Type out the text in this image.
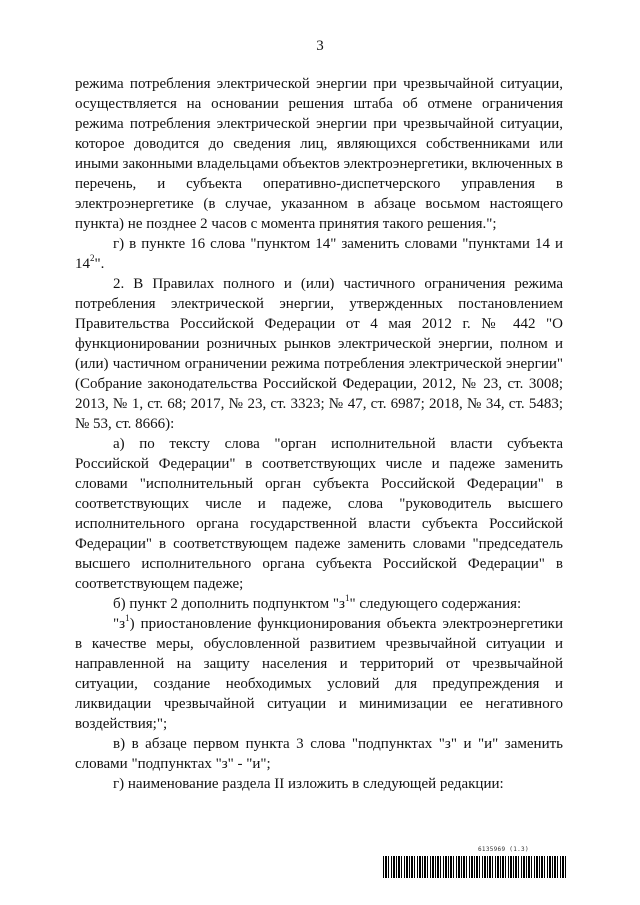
3

режима потребления электрической энергии при чрезвычайной ситуации, осуществляется на основании решения штаба об отмене ограничения режима потребления электрической энергии при чрезвычайной ситуации, которое доводится до сведения лиц, являющихся собственниками или иными законными владельцами объектов электроэнергетики, включенных в перечень, и субъекта оперативно-диспетчерского управления в электроэнергетике (в случае, указанном в абзаце восьмом настоящего пункта) не позднее 2 часов с момента принятия такого решения.";

г) в пункте 16 слова "пунктом 14" заменить словами "пунктами 14 и $14^2$".

2. В Правилах полного и (или) частичного ограничения режима потребления электрической энергии, утвержденных постановлением Правительства Российской Федерации от 4 мая 2012 г. № 442 "О функционировании розничных рынков электрической энергии, полном и (или) частичном ограничении режима потребления электрической энергии" (Собрание законодательства Российской Федерации, 2012, № 23, ст. 3008; 2013, № 1, ст. 68; 2017, № 23, ст. 3323; № 47, ст. 6987; 2018, № 34, ст. 5483; № 53, ст. 8666):

а) по тексту слова "орган исполнительной власти субъекта Российской Федерации" в соответствующих числе и падеже заменить словами "исполнительный орган субъекта Российской Федерации" в соответствующих числе и падеже, слова "руководитель высшего исполнительного органа государственной власти субъекта Российской Федерации" в соответствующем падеже заменить словами "председатель высшего исполнительного органа субъекта Российской Федерации" в соответствующем падеже;

б) пункт 2 дополнить подпунктом "$з^1$" следующего содержания:

"$з^1$) приостановление функционирования объекта электроэнергетики в качестве меры, обусловленной развитием чрезвычайной ситуации и направленной на защиту населения и территорий от чрезвычайной ситуации, создание необходимых условий для предупреждения и ликвидации чрезвычайной ситуации и минимизации ее негативного воздействия;";

в) в абзаце первом пункта 3 слова "подпунктах "з" и "и" заменить словами "подпунктах "з" - "и";

г) наименование раздела II изложить в следующей редакции:

6135969 (1.3)
